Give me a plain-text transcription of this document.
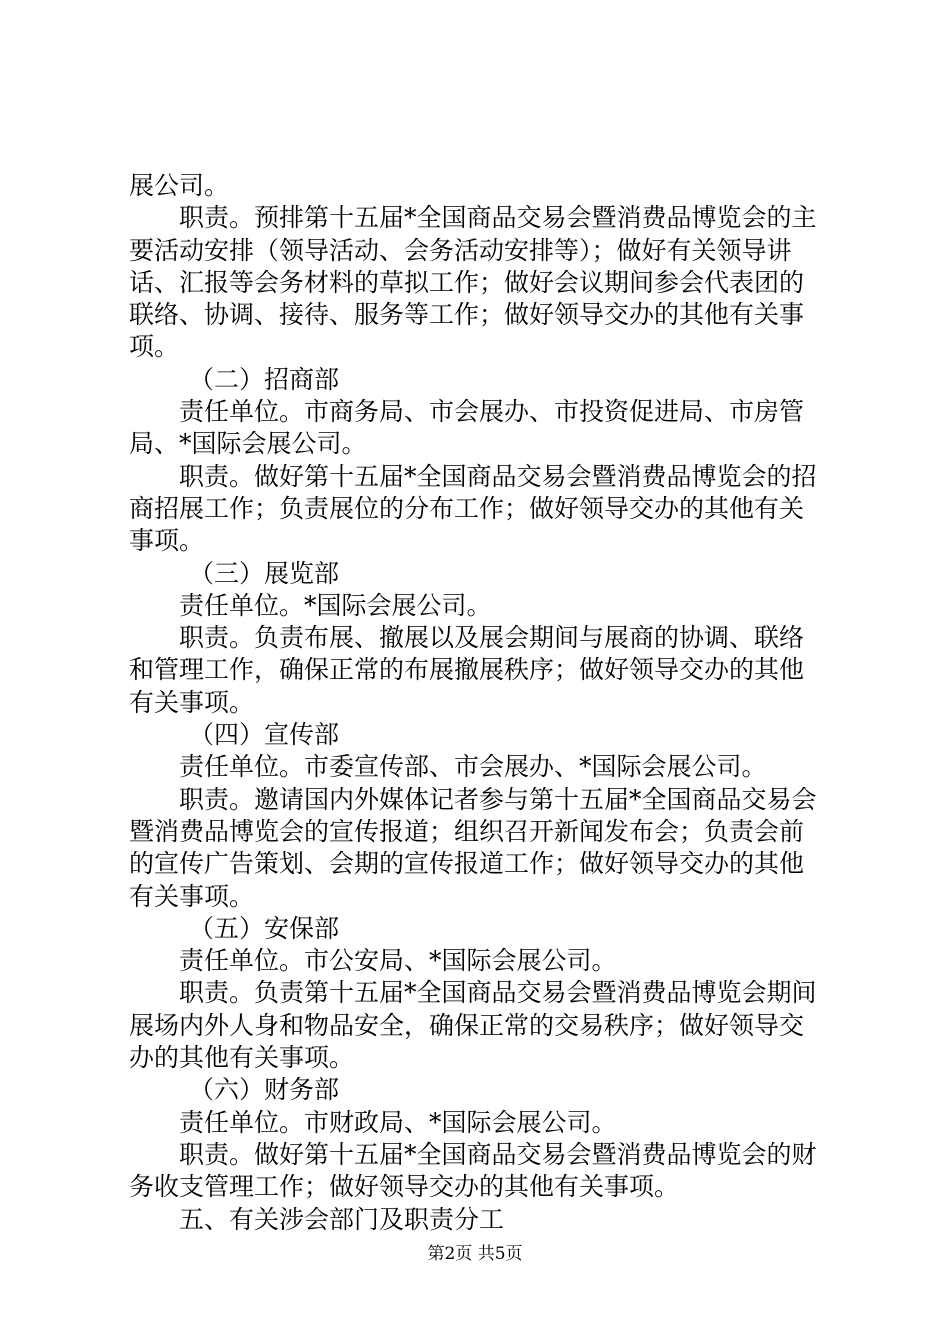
展公司。
职责。预排第十五届*全国商品交易会暨消费品博览会的主
要活动安排（领导活动、会务活动安排等）；做好有关领导讲
话、汇报等会务材料的草拟工作；做好会议期间参会代表团的
联络、协调、接待、服务等工作；做好领导交办的其他有关事
项。
（二）招商部
责任单位。市商务局、市会展办、市投资促进局、市房管
局、*国际会展公司。
职责。做好第十五届*全国商品交易会暨消费品博览会的招
商招展工作；负责展位的分布工作；做好领导交办的其他有关
事项。
（三）展览部
责任单位。*国际会展公司。
职责。负责布展、撤展以及展会期间与展商的协调、联络
和管理工作，确保正常的布展撤展秩序；做好领导交办的其他
有关事项。
（四）宣传部
责任单位。市委宣传部、市会展办、*国际会展公司。
职责。邀请国内外媒体记者参与第十五届*全国商品交易会
暨消费品博览会的宣传报道；组织召开新闻发布会；负责会前
的宣传广告策划、会期的宣传报道工作；做好领导交办的其他
有关事项。
（五）安保部
责任单位。市公安局、*国际会展公司。
职责。负责第十五届*全国商品交易会暨消费品博览会期间
展场内外人身和物品安全，确保正常的交易秩序；做好领导交
办的其他有关事项。
（六）财务部
责任单位。市财政局、*国际会展公司。
职责。做好第十五届*全国商品交易会暨消费品博览会的财
务收支管理工作；做好领导交办的其他有关事项。
五、有关涉会部门及职责分工
第2页 共5页
